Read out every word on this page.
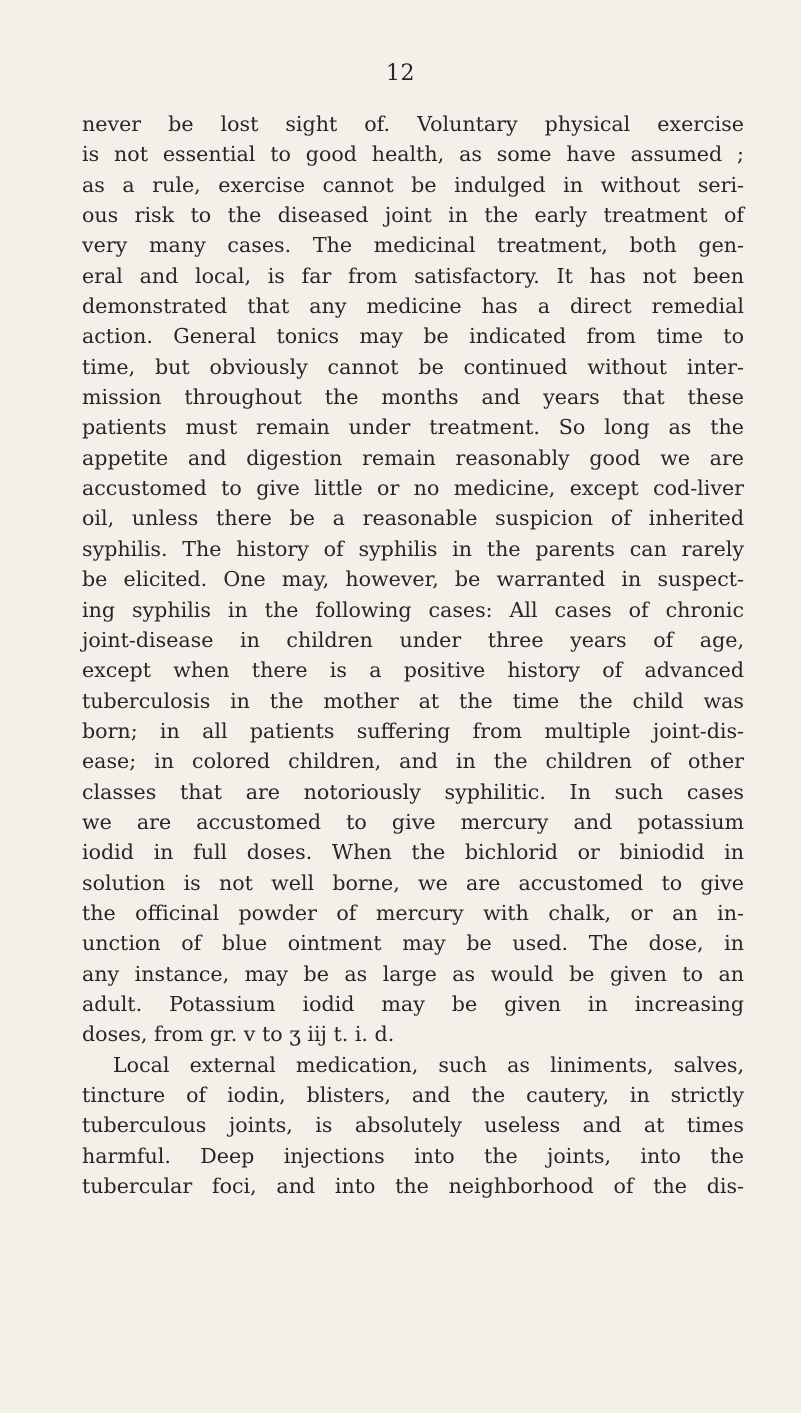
12
never be lost sight of. Voluntary physical exercise
is not essential to good health, as some have assumed ;
as a rule, exercise cannot be indulged in without seri-
ous risk to the diseased joint in the early treatment of
very many cases. The medicinal treatment, both gen-
eral and local, is far from satisfactory. It has not been
demonstrated that any medicine has a direct remedial
action. General tonics may be indicated from time to
time, but obviously cannot be continued without inter-
mission throughout the months and years that these
patients must remain under treatment. So long as the
appetite and digestion remain reasonably good we are
accustomed to give little or no medicine, except cod-liver
oil, unless there be a reasonable suspicion of inherited
syphilis. The history of syphilis in the parents can rarely
be elicited. One may, however, be warranted in suspect-
ing syphilis in the following cases: All cases of chronic
joint-disease in children under three years of age,
except when there is a positive history of advanced
tuberculosis in the mother at the time the child was
born; in all patients suffering from multiple joint-dis-
ease; in colored children, and in the children of other
classes that are notoriously syphilitic. In such cases
we are accustomed to give mercury and potassium
iodid in full doses. When the bichlorid or biniodid in
solution is not well borne, we are accustomed to give
the officinal powder of mercury with chalk, or an in-
unction of blue ointment may be used. The dose, in
any instance, may be as large as would be given to an
adult. Potassium iodid may be given in increasing
doses, from gr. v to ʒ iij t. i. d.
Local external medication, such as liniments, salves,
tincture of iodin, blisters, and the cautery, in strictly
tuberculous joints, is absolutely useless and at times
harmful. Deep injections into the joints, into the
tubercular foci, and into the neighborhood of the dis-
